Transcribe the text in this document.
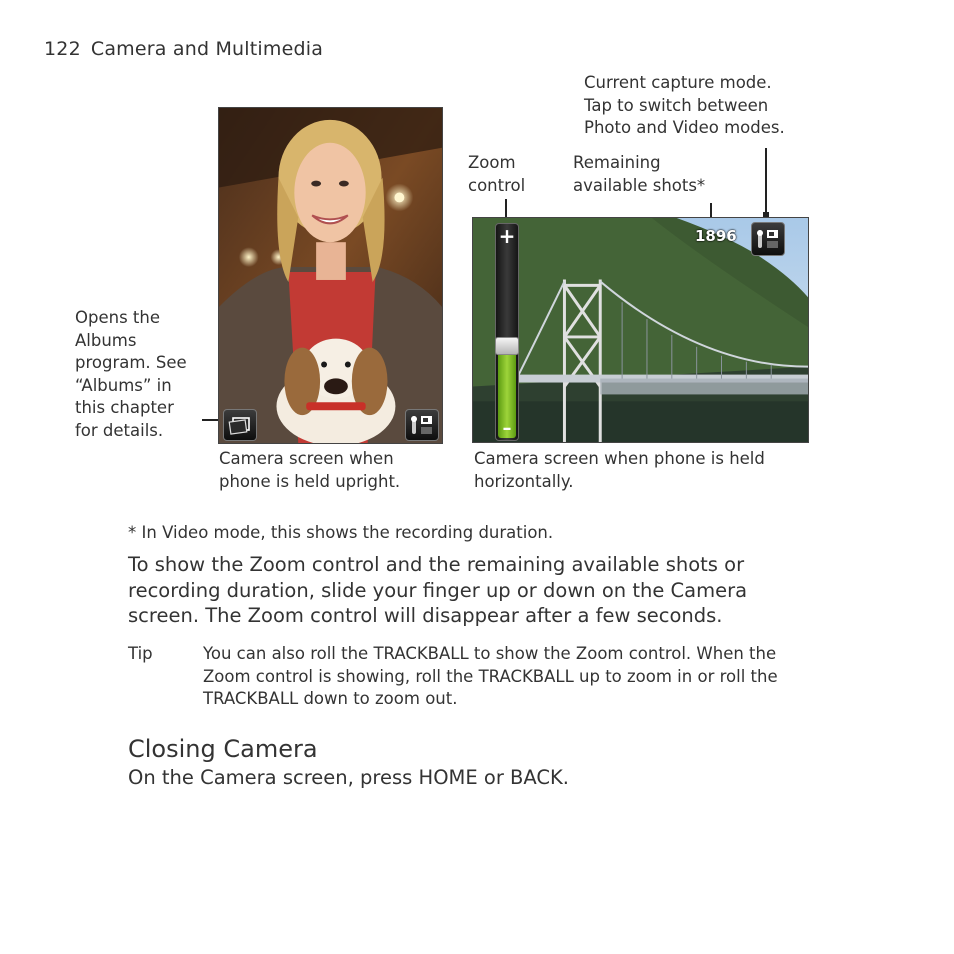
122 Camera and Multimedia
Current capture mode.
Tap to switch between
Photo and Video modes.
Zoom
control
Remaining
available shots*
Opens the
Albums
program. See
“Albums” in
this chapter
for details.
+
–
1896
Camera screen when
phone is held upright.
Camera screen when phone is held
horizontally.
* In Video mode, this shows the recording duration.
To show the Zoom control and the remaining available shots or
recording duration, slide your finger up or down on the Camera
screen. The Zoom control will disappear after a few seconds.
Tip	You can also roll the TRACKBALL to show the Zoom control. When the
Zoom control is showing, roll the TRACKBALL up to zoom in or roll the
TRACKBALL down to zoom out.
Closing Camera
On the Camera screen, press HOME or BACK.
